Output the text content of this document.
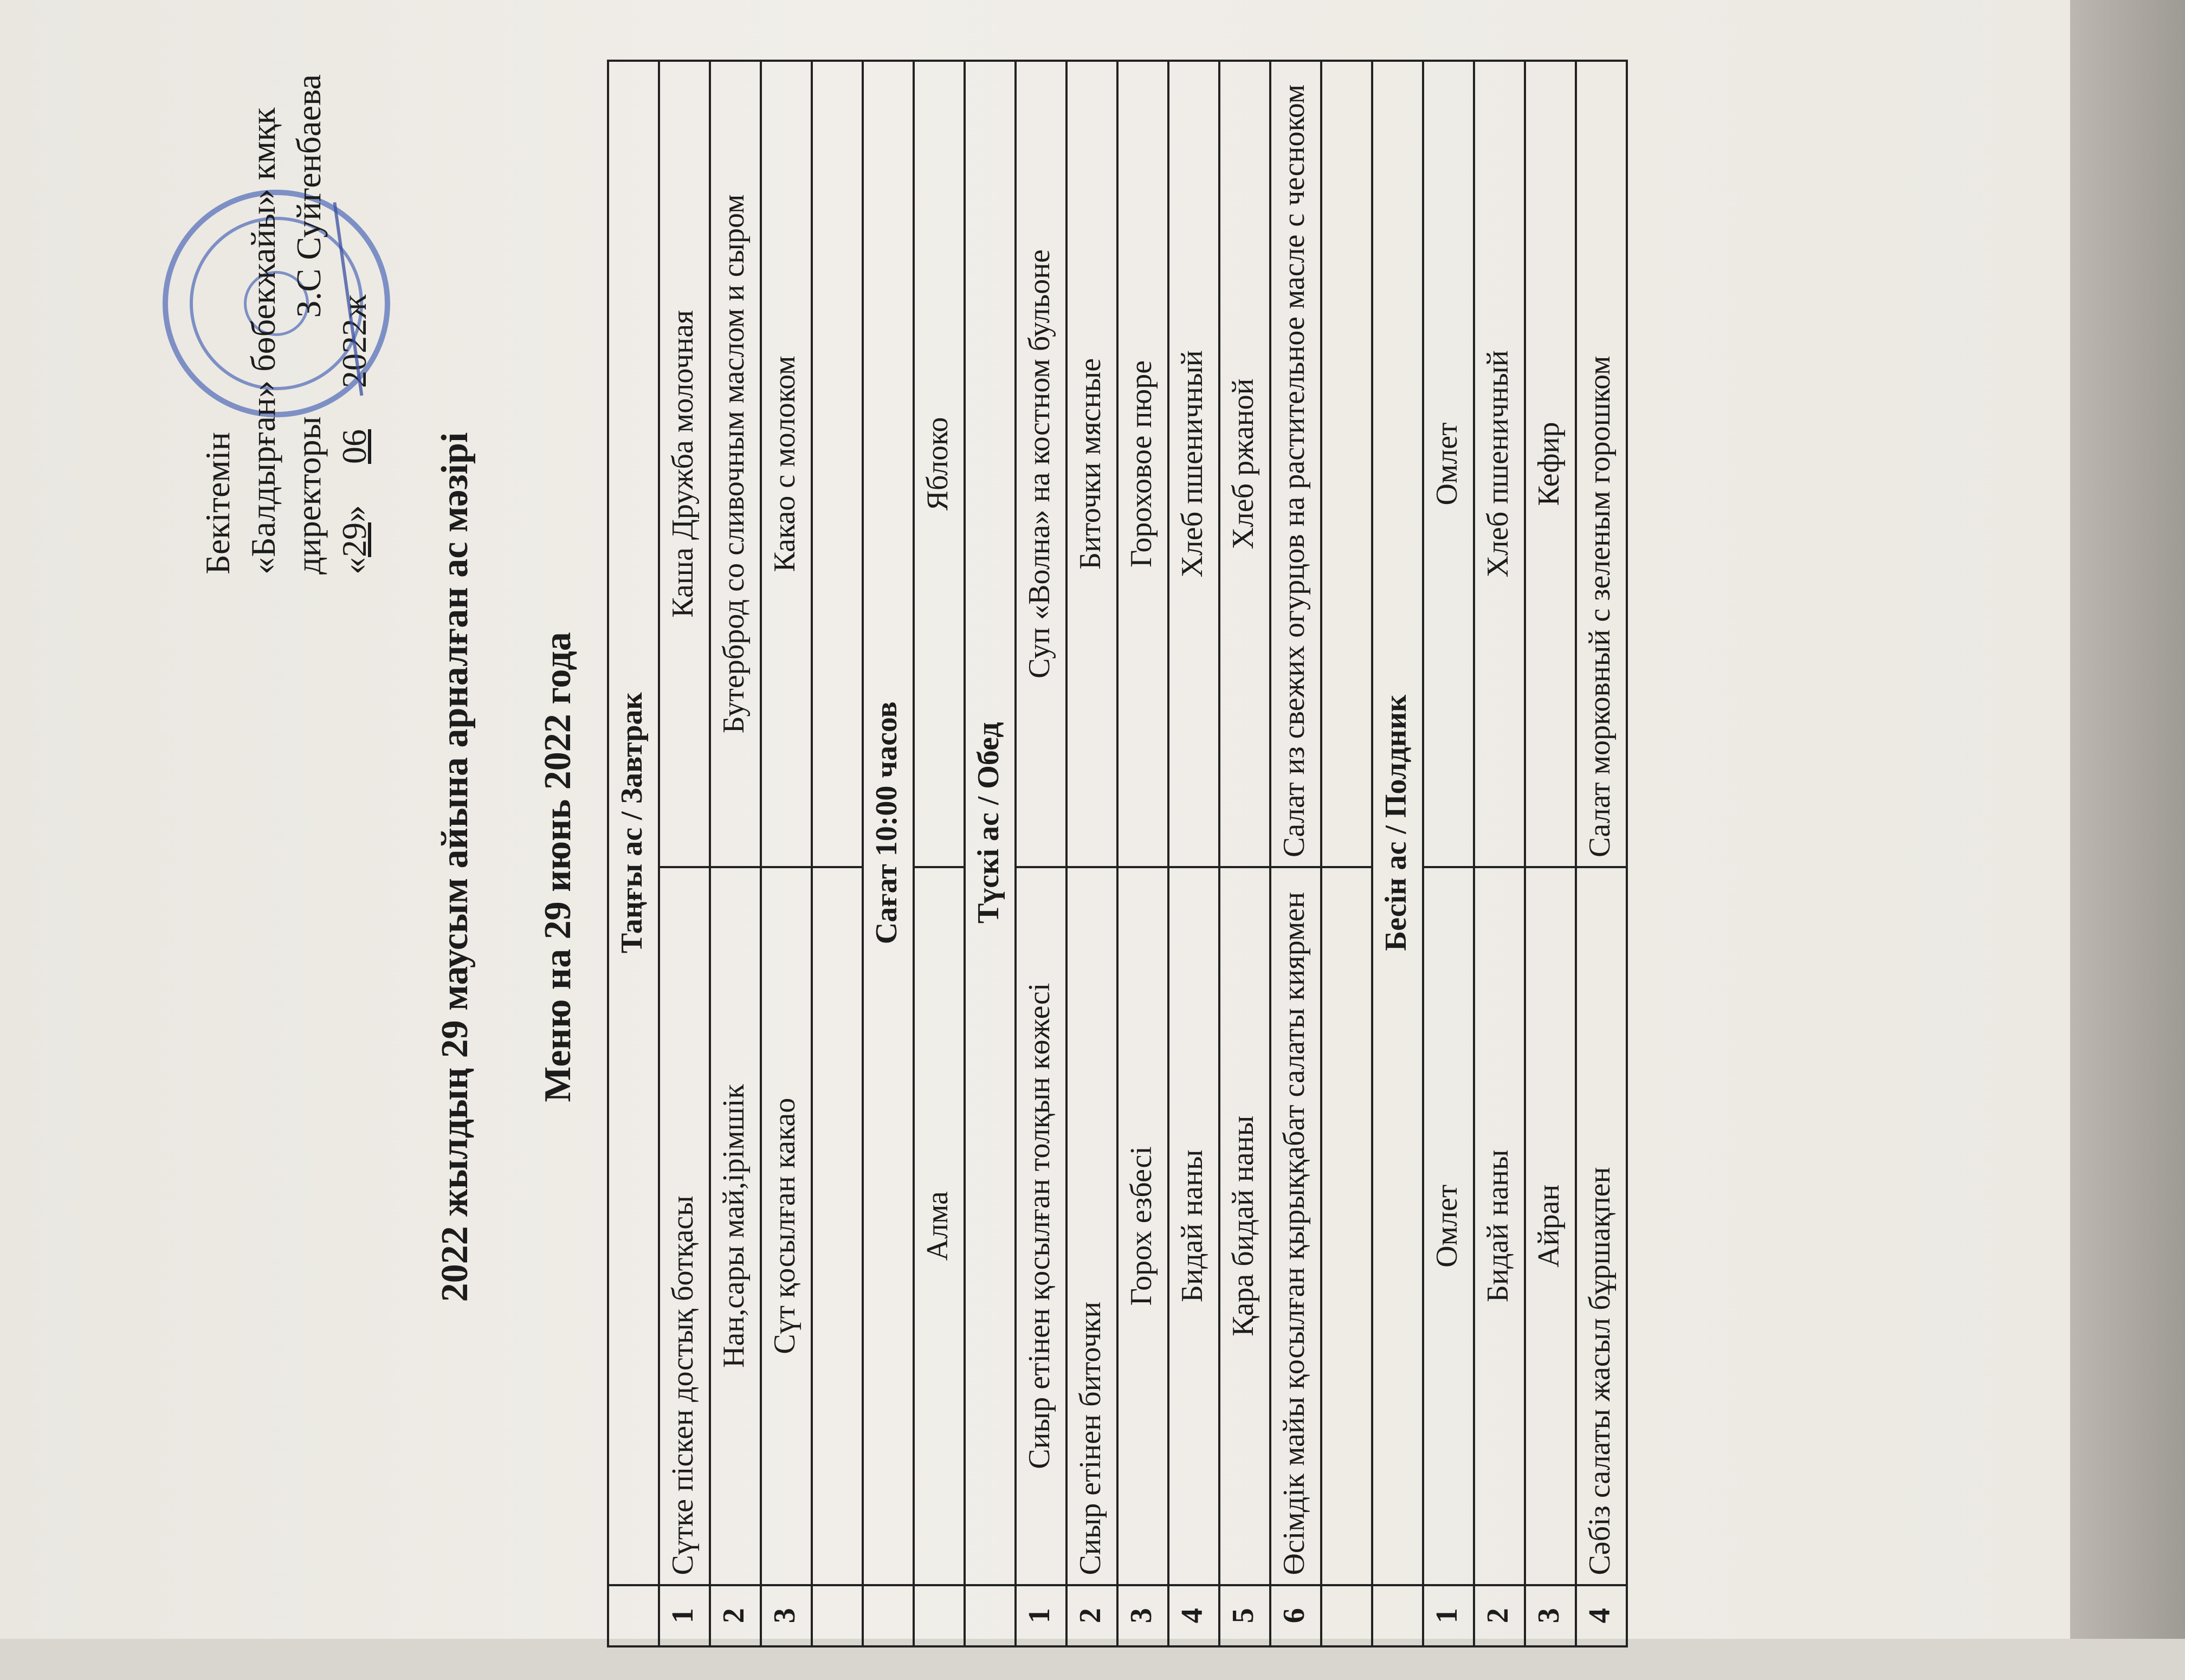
Бекітемін «Балдырған» бөбекжайы» кмқк директоры  З.С Суйгенбаева
«29» 06 2022ж
2022 жылдың 29 маусым айына арналған ас мәзірі Меню на 29 июнь 2022 года
	Таңғы ас / Завтрак	
1	Сүтке піскен достық ботқасы	Каша Дружба молочная
2	Нан,сары май,ірімшік	Бутерброд со сливочным маслом и сыром
3	Сүт қосылған какао	Какао с молоком

	Сағат 10:00 часов	
	Алма	Яблоко
	Түскі ас / Обед	
1	Сиыр етінен қосылған толқын көжесі	Суп «Волна» на костном бульоне
2	Сиыр етінен биточки	Биточки мясные
3	Горох езбесі	Гороховое пюре
4	Бидай наны	Хлеб пшеничный
5	Қара бидай наны	Хлеб ржаной
6	Өсімдік майы қосылған қырыққабат салаты киярмен	Салат из свежих огурцов на растительное масле с чесноком

	Бесін ас / Полдник	
1	Омлет	Омлет
2	Бидай наны	Хлеб пшеничный
3	Айран	Кефир
4	Сәбіз салаты жасыл бұршақпен	Салат морковный с зеленым горошком
